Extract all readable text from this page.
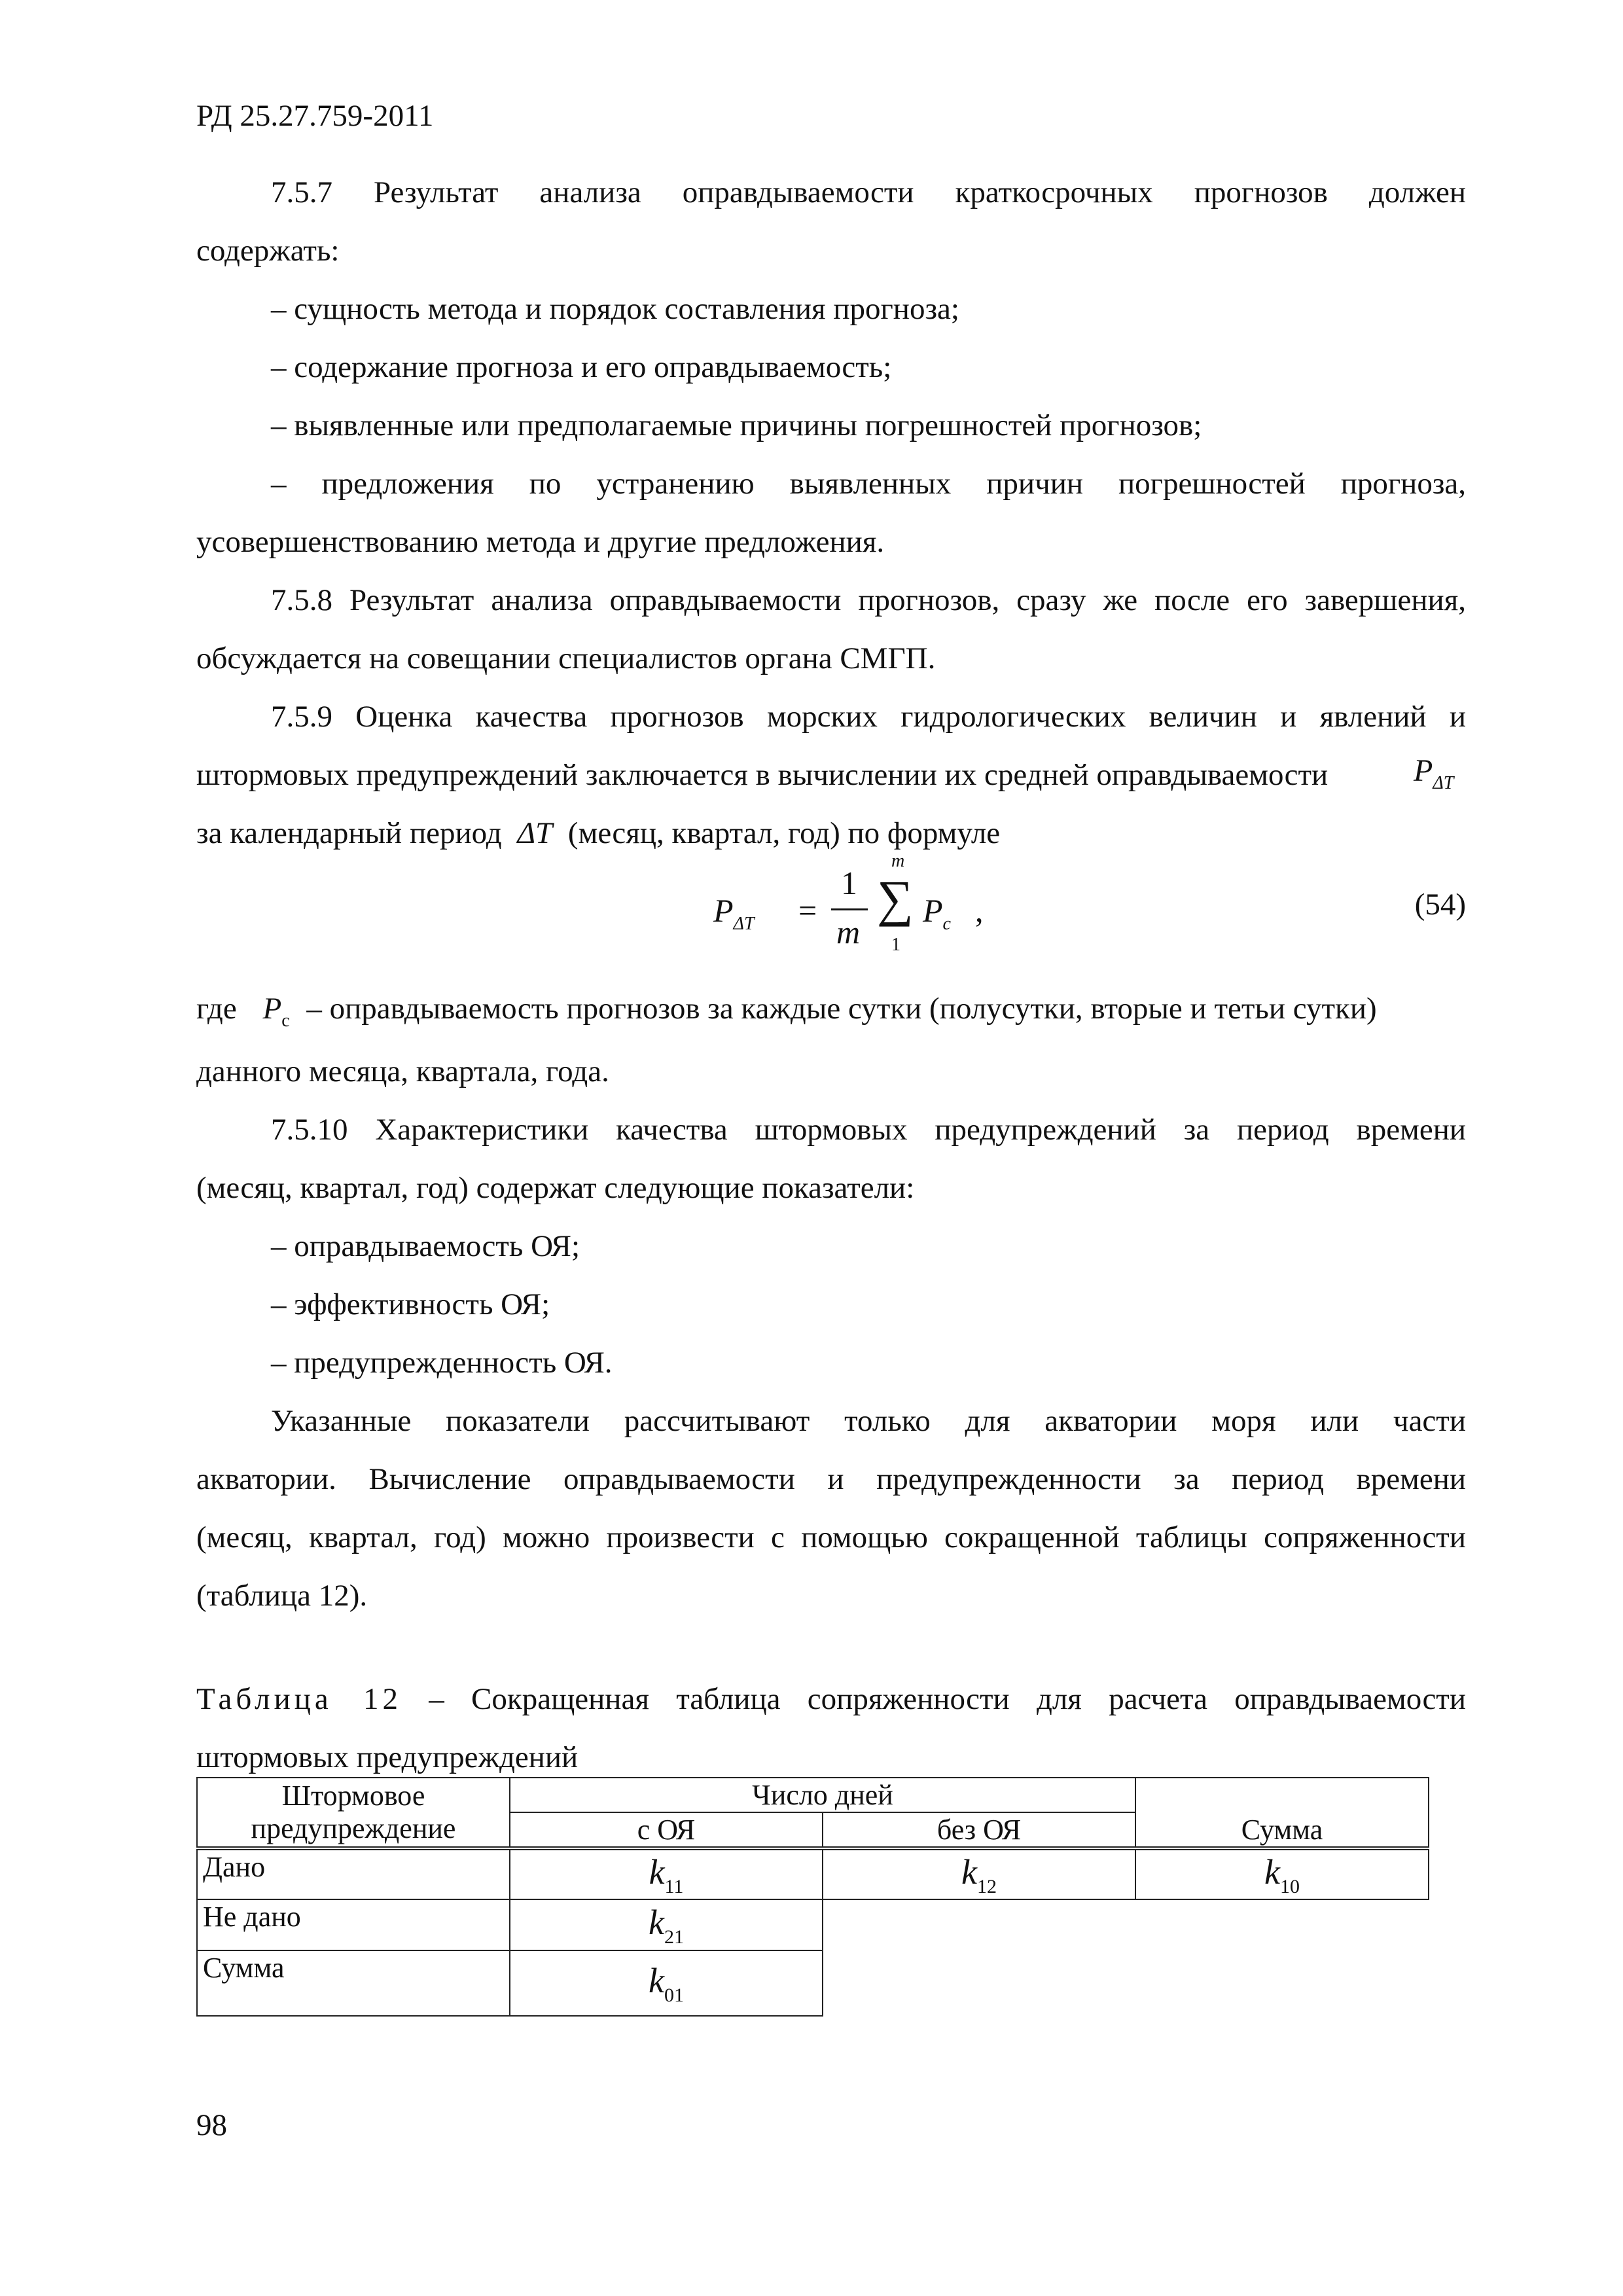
РД 25.27.759-2011
7.5.7 Результат анализа оправдываемости краткосрочных прогнозов должен
содержать:
– сущность метода и порядок составления прогноза;
– содержание прогноза и его оправдываемость;
– выявленные или предполагаемые причины погрешностей прогнозов;
– предложения по устранению выявленных причин погрешностей прогноза,
усовершенствованию метода и другие предложения.
7.5.8 Результат анализа оправдываемости прогнозов, сразу же после его завершения,
обсуждается на совещании специалистов органа СМГП.
7.5.9 Оценка качества прогнозов морских гидрологических величин и явлений и
штормовых предупреждений заключается в вычислении их средней оправдываемости	$P_{\Delta T}$
за календарный период ΔT (месяц, квартал, год) по формуле
$P_{\Delta T}$ =
1
m
m
∑
1
$P_c$ ,	(54)
где $P_c$ – оправдываемость прогнозов за каждые сутки (полусутки, вторые и тетьи сутки)
данного месяца, квартала, года.
7.5.10 Характеристики качества штормовых предупреждений за период времени
(месяц, квартал, год) содержат следующие показатели:
– оправдываемость ОЯ;
– эффективность ОЯ;
– предупрежденность ОЯ.
Указанные показатели рассчитывают только для акватории моря или части
акватории. Вычисление оправдываемости и предупрежденности за период времени
(месяц, квартал, год) можно произвести с помощью сокращенной таблицы сопряженности
(таблица 12).
Таблица 12 – Сокращенная таблица сопряженности для расчета оправдываемости
штормовых предупреждений
Штормовое
предупреждение	Число дней		Сумма
	с ОЯ	без ОЯ	
Дано	$k_{11}$	$k_{12}$	$k_{10}$
Не дано	$k_{21}$	
Сумма	$k_{01}$	
98
